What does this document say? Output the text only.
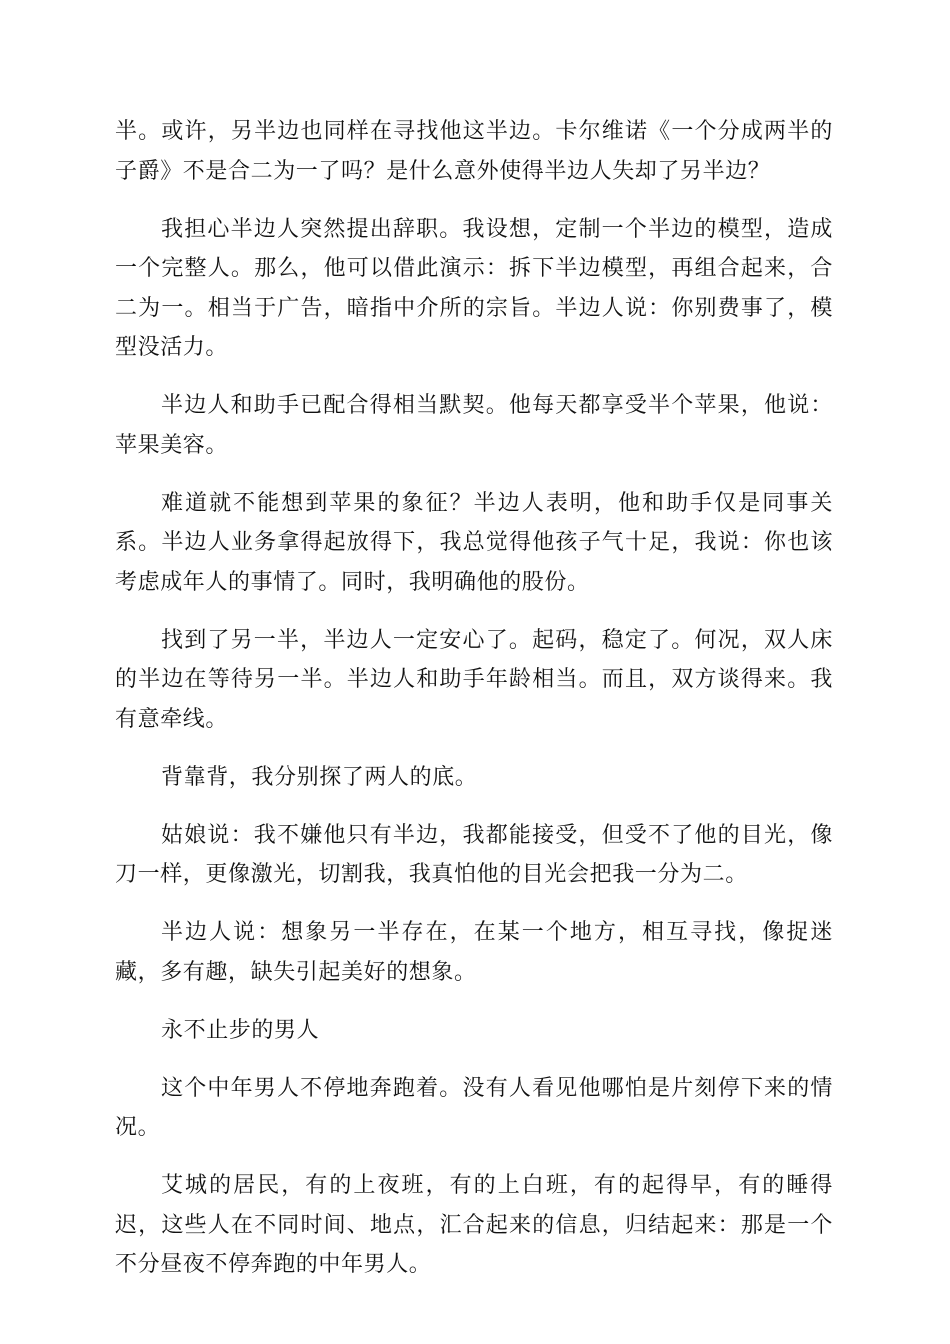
半。或许，另半边也同样在寻找他这半边。卡尔维诺《一个分成两半的子爵》不是合二为一了吗？是什么意外使得半边人失却了另半边？

我担心半边人突然提出辞职。我设想，定制一个半边的模型，造成一个完整人。那么，他可以借此演示：拆下半边模型，再组合起来，合二为一。相当于广告，暗指中介所的宗旨。半边人说：你别费事了，模型没活力。

半边人和助手已配合得相当默契。他每天都享受半个苹果，他说：苹果美容。

难道就不能想到苹果的象征？半边人表明，他和助手仅是同事关系。半边人业务拿得起放得下，我总觉得他孩子气十足，我说：你也该考虑成年人的事情了。同时，我明确他的股份。

找到了另一半，半边人一定安心了。起码，稳定了。何况，双人床的半边在等待另一半。半边人和助手年龄相当。而且，双方谈得来。我有意牵线。

背靠背，我分别探了两人的底。

姑娘说：我不嫌他只有半边，我都能接受，但受不了他的目光，像刀一样，更像激光，切割我，我真怕他的目光会把我一分为二。

半边人说：想象另一半存在，在某一个地方，相互寻找，像捉迷藏，多有趣，缺失引起美好的想象。

永不止步的男人

这个中年男人不停地奔跑着。没有人看见他哪怕是片刻停下来的情况。

艾城的居民，有的上夜班，有的上白班，有的起得早，有的睡得迟，这些人在不同时间、地点，汇合起来的信息，归结起来：那是一个不分昼夜不停奔跑的中年男人。
